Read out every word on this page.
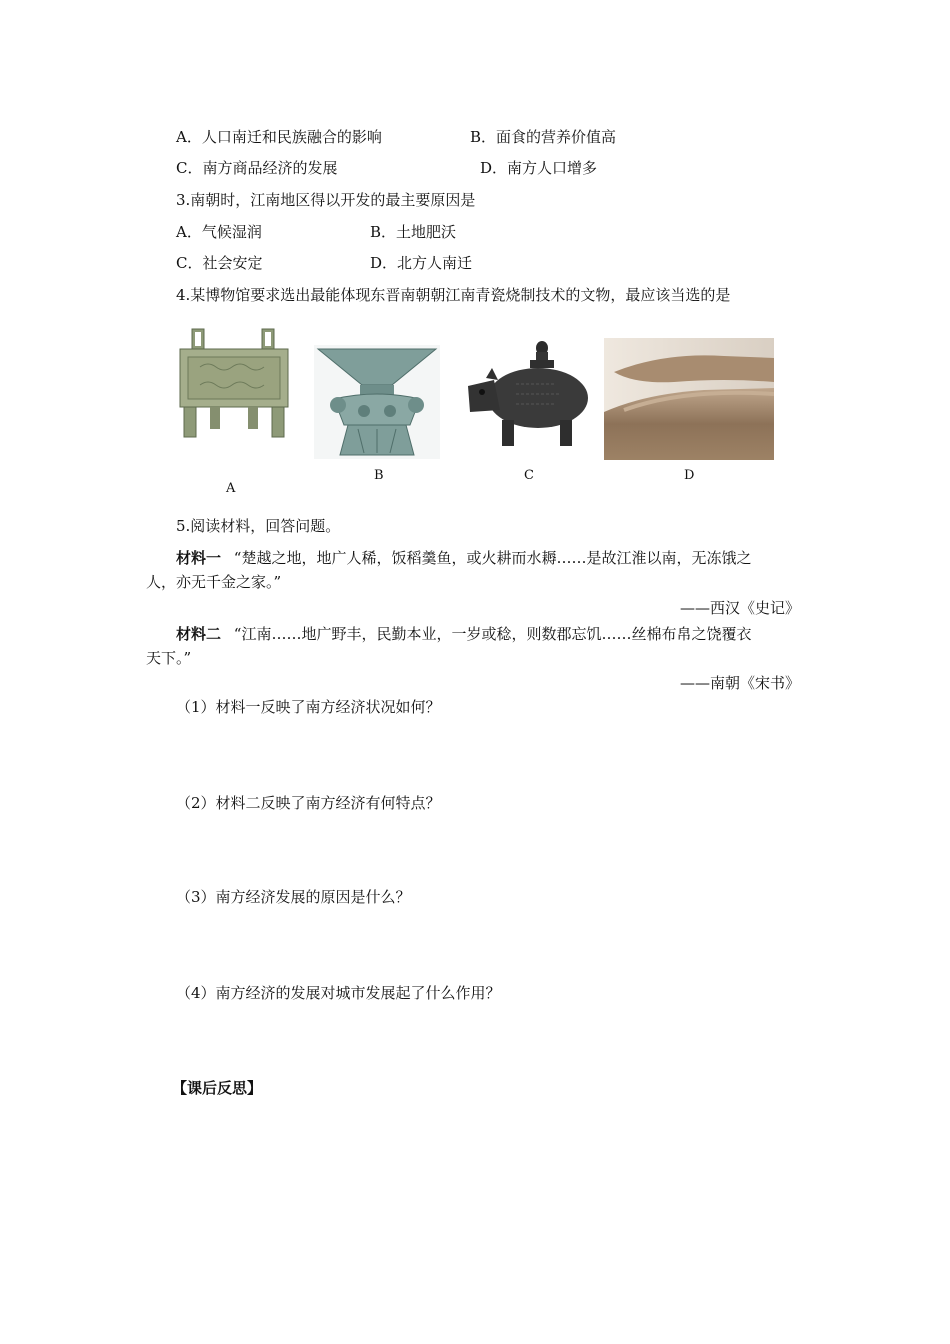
A．人口南迁和民族融合的影响	B．面食的营养价值高
C．南方商品经济的发展	D．南方人口增多
3.南朝时，江南地区得以开发的最主要原因是
A．气候湿润	B．土地肥沃
C．社会安定	D．北方人南迁
4.某博物馆要求选出最能体现东晋南朝朝江南青瓷烧制技术的文物，最应该当选的是
A
B	C	D
5.阅读材料，回答问题。
材料一 “楚越之地，地广人稀，饭稻羹鱼，或火耕而水耨……是故江淮以南，无冻饿之
人，亦无千金之家。”
——西汉《史记》
材料二 “江南……地广野丰，民勤本业，一岁或稔，则数郡忘饥……丝棉布帛之饶覆衣
天下。”
——南朝《宋书》
（1）材料一反映了南方经济状况如何？
（2）材料二反映了南方经济有何特点？
（3）南方经济发展的原因是什么？
（4）南方经济的发展对城市发展起了什么作用？
【课后反思】
